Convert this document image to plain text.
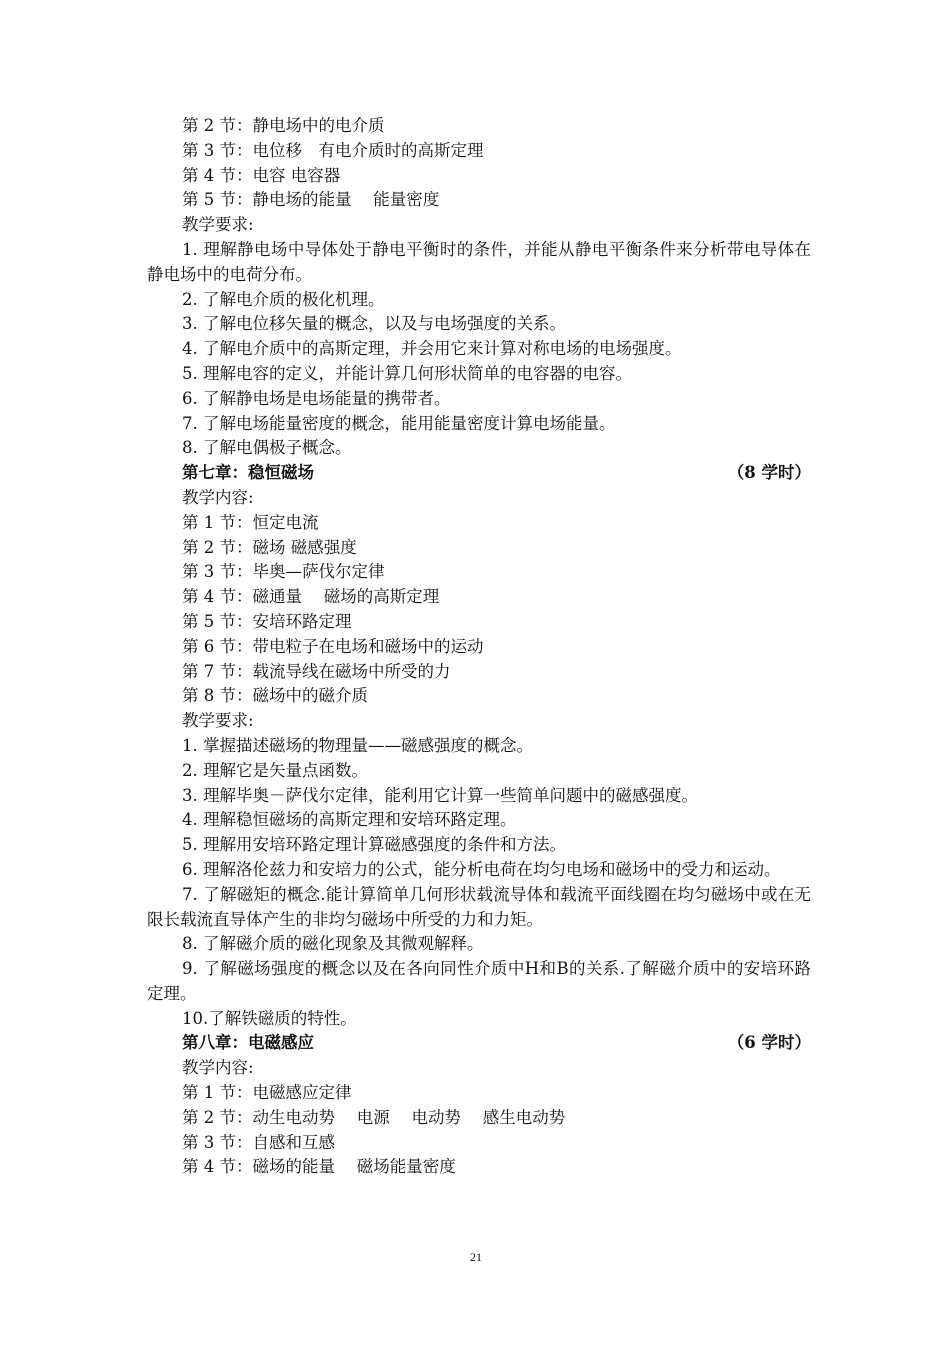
第 2 节：静电场中的电介质
第 3 节：电位移　有电介质时的高斯定理
第 4 节：电容 电容器
第 5 节：静电场的能量　 能量密度
教学要求:
1. 理解静电场中导体处于静电平衡时的条件，并能从静电平衡条件来分析带电导体在静电场中的电荷分布。
2. 了解电介质的极化机理。
3. 了解电位移矢量的概念，以及与电场强度的关系。
4. 了解电介质中的高斯定理，并会用它来计算对称电场的电场强度。
5. 理解电容的定义，并能计算几何形状简单的电容器的电容。
6. 了解静电场是电场能量的携带者。
7. 了解电场能量密度的概念，能用能量密度计算电场能量。
8. 了解电偶极子概念。
第七章：稳恒磁场	（8 学时）
教学内容:
第 1 节：恒定电流
第 2 节：磁场 磁感强度
第 3 节：毕奥—萨伐尔定律
第 4 节：磁通量　 磁场的高斯定理
第 5 节：安培环路定理
第 6 节：带电粒子在电场和磁场中的运动
第 7 节：载流导线在磁场中所受的力
第 8 节：磁场中的磁介质
教学要求:
1. 掌握描述磁场的物理量——磁感强度的概念。
2. 理解它是矢量点函数。
3. 理解毕奥－萨伐尔定律，能利用它计算一些简单问题中的磁感强度。
4. 理解稳恒磁场的高斯定理和安培环路定理。
5. 理解用安培环路定理计算磁感强度的条件和方法。
6. 理解洛伦兹力和安培力的公式，能分析电荷在均匀电场和磁场中的受力和运动。
7. 了解磁矩的概念.能计算简单几何形状载流导体和载流平面线圈在均匀磁场中或在无限长载流直导体产生的非均匀磁场中所受的力和力矩。
8. 了解磁介质的磁化现象及其微观解释。
9. 了解磁场强度的概念以及在各向同性介质中H和B的关系.了解磁介质中的安培环路定理。
10.了解铁磁质的特性。
第八章：电磁感应	（6 学时）
教学内容:
第 1 节：电磁感应定律
第 2 节：动生电动势　 电源　 电动势　 感生电动势
第 3 节：自感和互感
第 4 节：磁场的能量　 磁场能量密度
21
